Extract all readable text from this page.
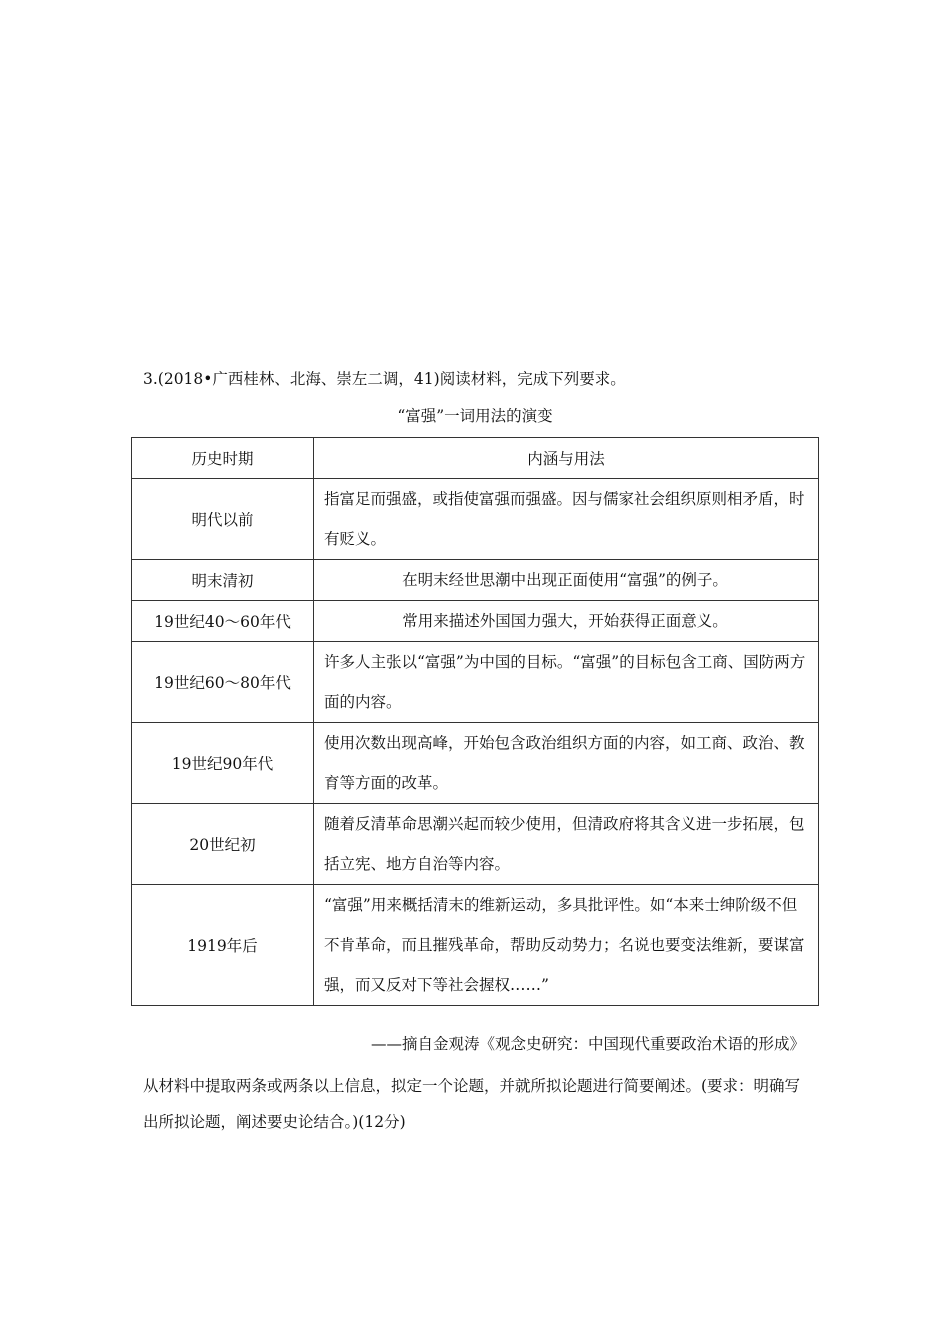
3.(2018•广西桂林、北海、崇左二调，41)阅读材料，完成下列要求。
“富强”一词用法的演变
历史时期	内涵与用法
明代以前	指富足而强盛，或指使富强而强盛。因与儒家社会组织原则相矛盾，时有贬义。
明末清初	在明末经世思潮中出现正面使用“富强”的例子。
19世纪40～60年代	常用来描述外国国力强大，开始获得正面意义。
19世纪60～80年代	许多人主张以“富强”为中国的目标。“富强”的目标包含工商、国防两方面的内容。
19世纪90年代	使用次数出现高峰，开始包含政治组织方面的内容，如工商、政治、教育等方面的改革。
20世纪初	随着反清革命思潮兴起而较少使用，但清政府将其含义进一步拓展，包括立宪、地方自治等内容。
1919年后	“富强”用来概括清末的维新运动，多具批评性。如“本来士绅阶级不但不肯革命，而且摧残革命，帮助反动势力；名说也要变法维新，要谋富强，而又反对下等社会握权……”
——摘自金观涛《观念史研究：中国现代重要政治术语的形成》
从材料中提取两条或两条以上信息，拟定一个论题，并就所拟论题进行简要阐述。(要求：明确写出所拟论题，阐述要史论结合。)(12分)
